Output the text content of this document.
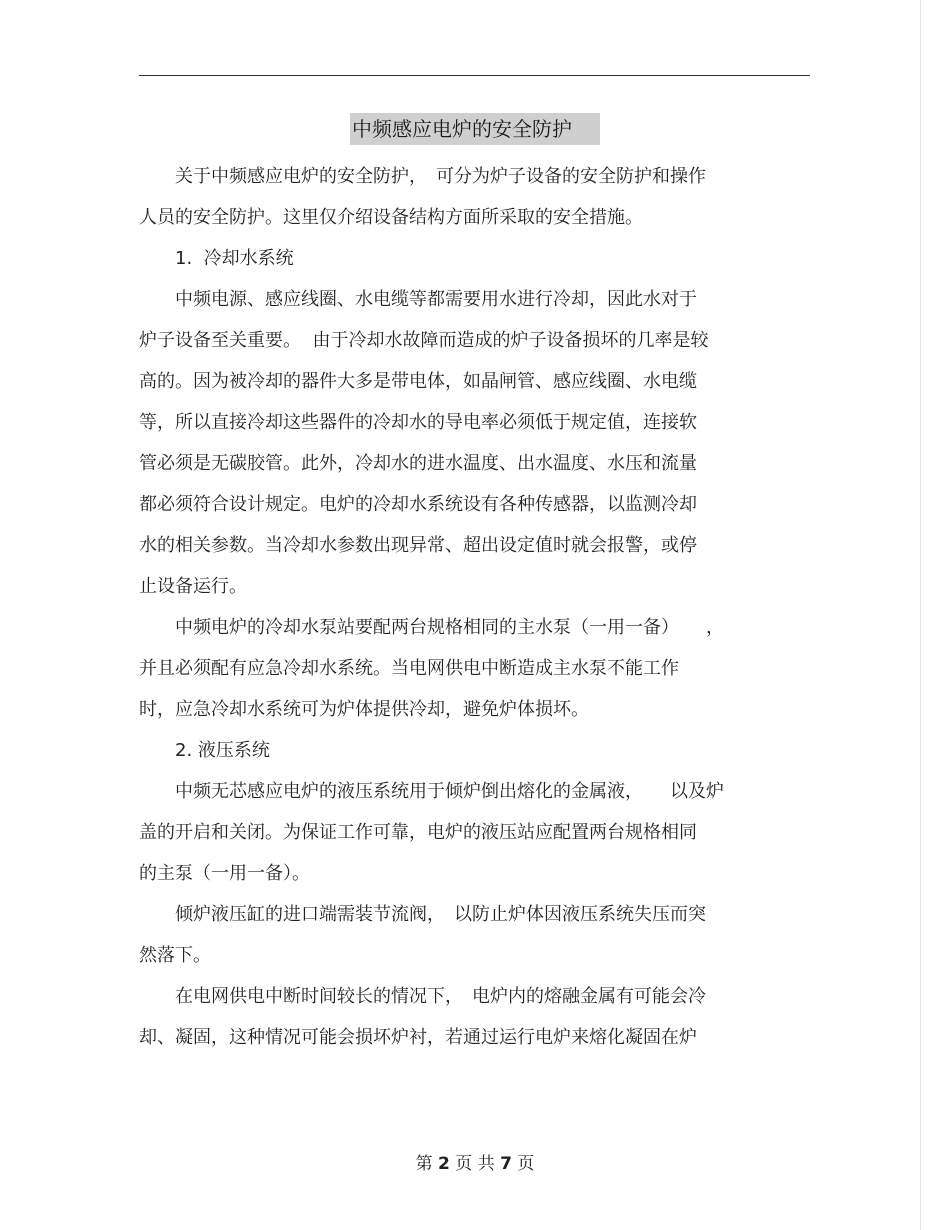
中频感应电炉的安全防护
　　关于中频感应电炉的安全防护，　可分为炉子设备的安全防护和操作
人员的安全防护。这里仅介绍设备结构方面所采取的安全措施。
　　1.  冷却水系统
　　中频电源、感应线圈、水电缆等都需要用水进行冷却，因此水对于
炉子设备至关重要。  由于冷却水故障而造成的炉子设备损坏的几率是较
高的。因为被冷却的器件大多是带电体，如晶闸管、感应线圈、水电缆
等，所以直接冷却这些器件的冷却水的导电率必须低于规定值，连接软
管必须是无碳胶管。此外，冷却水的进水温度、出水温度、水压和流量
都必须符合设计规定。电炉的冷却水系统设有各种传感器，以监测冷却
水的相关参数。当冷却水参数出现异常、超出设定值时就会报警，或停
止设备运行。
　　中频电炉的冷却水泵站要配两台规格相同的主水泵（一用一备）　　，
并且必须配有应急冷却水系统。当电网供电中断造成主水泵不能工作
时，应急冷却水系统可为炉体提供冷却，避免炉体损坏。
　　2. 液压系统
　　中频无芯感应电炉的液压系统用于倾炉倒出熔化的金属液，　　以及炉
盖的开启和关闭。为保证工作可靠，电炉的液压站应配置两台规格相同
的主泵（一用一备）。
　　倾炉液压缸的进口端需装节流阀，　以防止炉体因液压系统失压而突
然落下。
　　在电网供电中断时间较长的情况下，　电炉内的熔融金属有可能会冷
却、凝固，这种情况可能会损坏炉衬，若通过运行电炉来熔化凝固在炉
第 2 页 共 7 页
